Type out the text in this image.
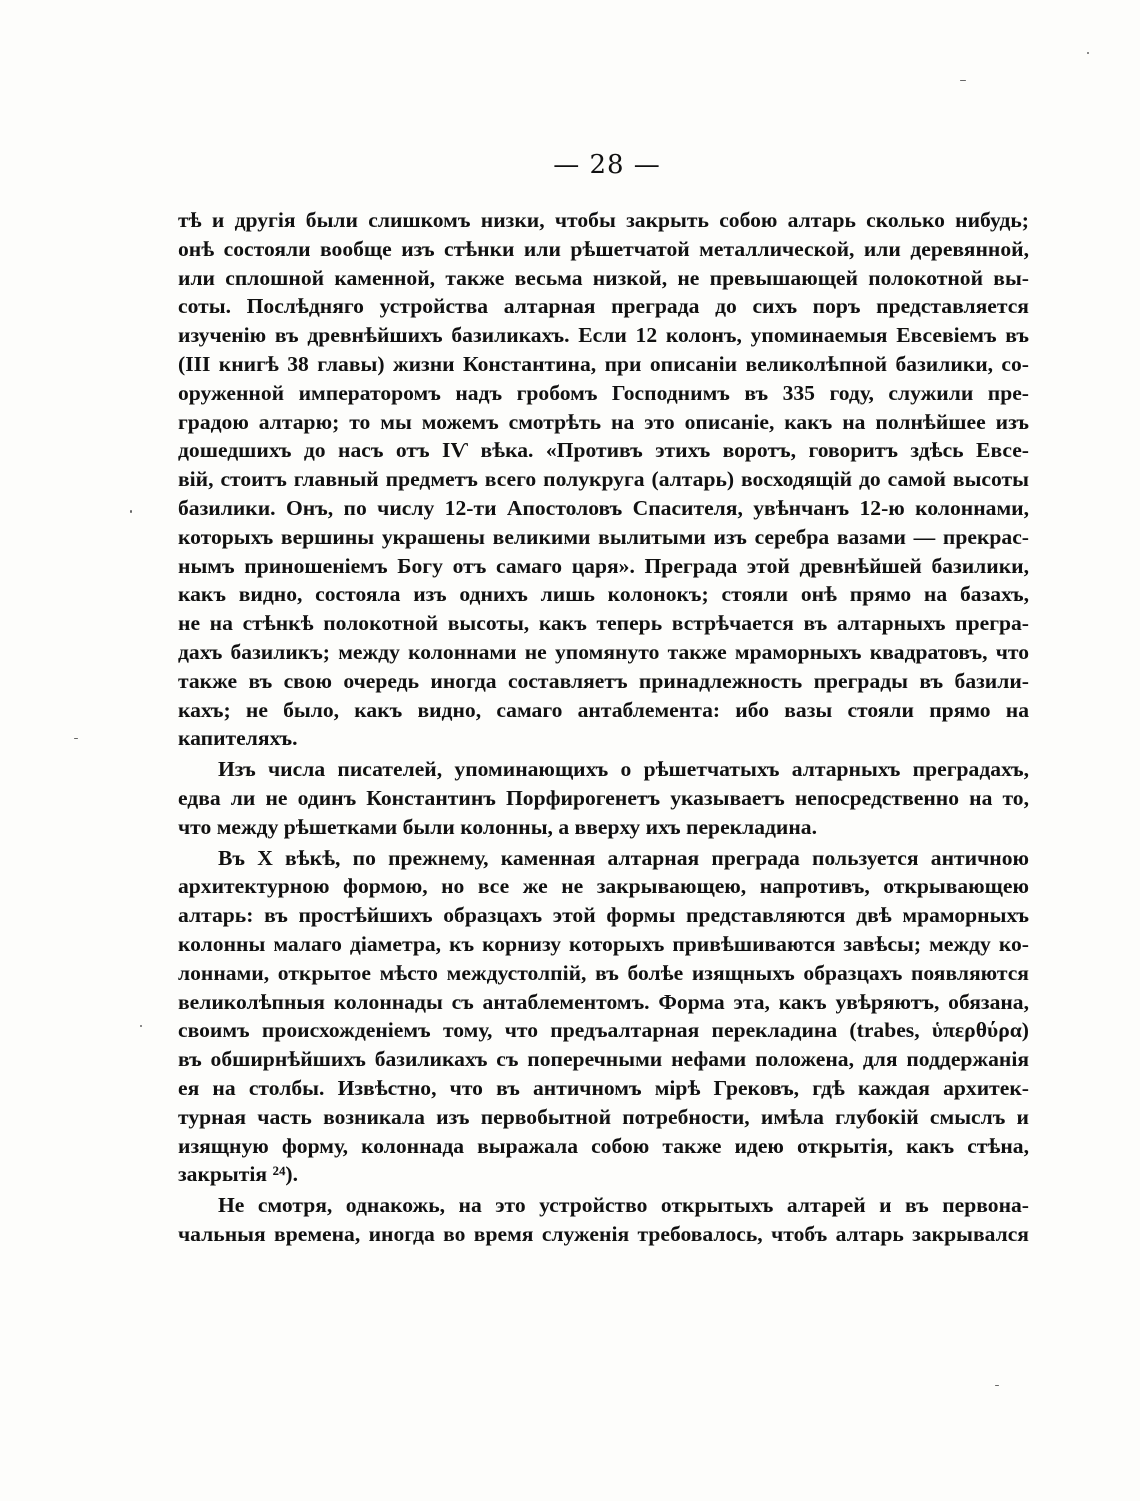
— 28 —
тѣ и другія были слишкомъ низки, чтобы закрыть собою алтарь сколько нибудь;
онѣ состояли вообще изъ стѣнки или рѣшетчатой металлической, или деревянной,
или сплошной каменной, также весьма низкой, не превышающей полокотной вы-
соты. Послѣдняго устройства алтарная преграда до сихъ поръ представляется
изученію въ древнѣйшихъ базиликахъ. Если 12 колонъ, упоминаемыя Евсевіемъ въ
(III книгѣ 38 главы) жизни Константина, при описаніи великолѣпной базилики, со-
оруженной императоромъ надъ гробомъ Господнимъ въ 335 году, служили пре-
градою алтарю; то мы можемъ смотрѣть на это описаніе, какъ на полнѣйшее изъ
дошедшихъ до насъ отъ IѴ вѣка. «Противъ этихъ воротъ, говоритъ здѣсь Евсе-
вій, стоитъ главный предметъ всего полукруга (алтарь) восходящій до самой высоты
базилики. Онъ, по числу 12-ти Апостоловъ Спасителя, увѣнчанъ 12-ю колоннами,
которыхъ вершины украшены великими вылитыми изъ серебра вазами — прекрас-
нымъ приношеніемъ Богу отъ самаго царя». Преграда этой древнѣйшей базилики,
какъ видно, состояла изъ однихъ лишь колонокъ; стояли онѣ прямо на базахъ,
не на стѣнкѣ полокотной высоты, какъ теперь встрѣчается въ алтарныхъ прегра-
дахъ базиликъ; между колоннами не упомянуто также мраморныхъ квадратовъ, что
также въ свою очередь иногда составляетъ принадлежность преграды въ базили-
кахъ; не было, какъ видно, самаго антаблемента: ибо вазы стояли прямо на
капителяхъ.
Изъ числа писателей, упоминающихъ о рѣшетчатыхъ алтарныхъ преградахъ,
едва ли не одинъ Константинъ Порфирогенетъ указываетъ непосредственно на то,
что между рѣшетками были колонны, а вверху ихъ перекладина.
Въ X вѣкѣ, по прежнему, каменная алтарная преграда пользуется античною
архитектурною формою, но все же не закрывающею, напротивъ, открывающею
алтарь: въ простѣйшихъ образцахъ этой формы представляются двѣ мраморныхъ
колонны малаго діаметра, къ корнизу которыхъ привѣшиваются завѣсы; между ко-
лоннами, открытое мѣсто междустолпій, въ болѣе изящныхъ образцахъ появляются
великолѣпныя колоннады съ антаблементомъ. Форма эта, какъ увѣряютъ, обязана,
своимъ происхожденіемъ тому, что предъалтарная перекладина (trabes, ὑπερθύρα)
въ обширнѣйшихъ базиликахъ съ поперечными нефами положена, для поддержанія
ея на столбы. Извѣстно, что въ античномъ мірѣ Грековъ, гдѣ каждая архитек-
турная часть возникала изъ первобытной потребности, имѣла глубокій смыслъ и
изящную форму, колоннада выражала собою также идею открытія, какъ стѣна,
закрытія ²⁴).
Не смотря, однакожь, на это устройство открытыхъ алтарей и въ первона-
чальныя времена, иногда во время служенія требовалось, чтобъ алтарь закрывался
